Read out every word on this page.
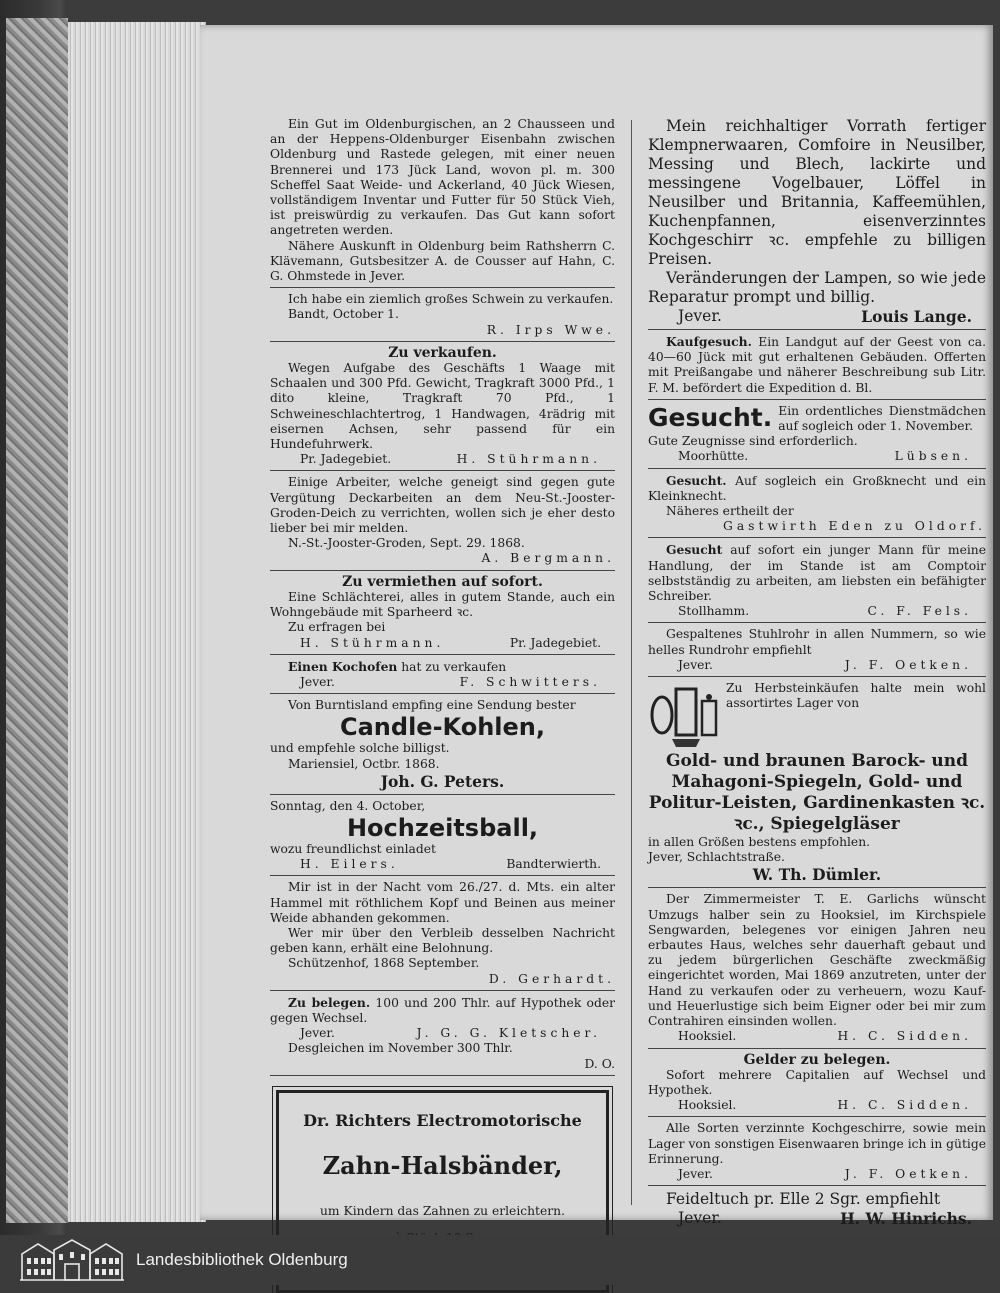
Ein Gut im Oldenburgischen, an 2 Chausseen und an der Heppens-Oldenburger Eisenbahn zwischen Oldenburg und Rastede gelegen, mit einer neuen Brennerei und 173 Jück Land, wovon pl. m. 300 Scheffel Saat Weide- und Ackerland, 40 Jück Wiesen, vollständigem Inventar und Futter für 50 Stück Vieh, ist preiswürdig zu verkaufen. Das Gut kann sofort angetreten werden.

Nähere Auskunft in Oldenburg beim Rathsherrn C. Klävemann, Gutsbesitzer A. de Cousser auf Hahn, C. G. Ohmstede in Jever.

Ich habe ein ziemlich großes Schwein zu verkaufen.

Bandt, October 1.

R. Irps Wwe.

Zu verkaufen.

Wegen Aufgabe des Geschäfts 1 Waage mit Schaalen und 300 Pfd. Gewicht, Tragkraft 3000 Pfd., 1 dito kleine, Tragkraft 70 Pfd., 1 Schweineschlachtertrog, 1 Handwagen, 4rädrig mit eisernen Achsen, sehr passend für ein Hundefuhrwerk.

Pr. Jadegebiet.	H. Stührmann.

Einige Arbeiter, welche geneigt sind gegen gute Vergütung Deckarbeiten an dem Neu-St.-Jooster-Groden-Deich zu verrichten, wollen sich je eher desto lieber bei mir melden.

N.-St.-Jooster-Groden, Sept. 29. 1868.

A. Bergmann.

Zu vermiethen auf sofort.

Eine Schlächterei, alles in gutem Stande, auch ein Wohngebäude mit Sparheerd ꝛc.

Zu erfragen bei

H. Stührmann.	Pr. Jadegebiet.

Einen Kochofen hat zu verkaufen

Jever.	F. Schwitters.

Von Burntisland empfing eine Sendung bester

Candle-Kohlen,

und empfehle solche billigst.

Mariensiel, Octbr. 1868.

Joh. G. Peters.

Sonntag, den 4. October,

Hochzeitsball,

wozu freundlichst einladet

H. Eilers.	Bandterwierth.

Mir ist in der Nacht vom 26./27. d. Mts. ein alter Hammel mit röthlichem Kopf und Beinen aus meiner Weide abhanden gekommen.

Wer mir über den Verbleib desselben Nachricht geben kann, erhält eine Belohnung.

Schützenhof, 1868 September.

D. Gerhardt.

Zu belegen. 100 und 200 Thlr. auf Hypothek oder gegen Wechsel.

Jever.	J. G. G. Kletscher.

Desgleichen im November 300 Thlr.

D. O.

Dr. Richters Electromotorische

Zahn-Halsbänder,

um Kindern das Zahnen zu erleichtern.

Mein reichhaltiger Vorrath fertiger Klempnerwaaren, Comfoire in Neusilber, Messing und Blech, lackirte und messingene Vogelbauer, Löffel in Neusilber und Britannia, Kaffeemühlen, Kuchenpfannen, eisenverzinntes Kochgeschirr ꝛc. empfehle zu billigen Preisen.

Veränderungen der Lampen, so wie jede Reparatur prompt und billig.

Jever.	Louis Lange.

Kaufgesuch. Ein Landgut auf der Geest von ca. 40—60 Jück mit gut erhaltenen Gebäuden. Offerten mit Preißangabe und näherer Beschreibung sub Litr. F. M. befördert die Expedition d. Bl.

Gesucht. Ein ordentliches Dienstmädchen auf sogleich oder 1. November.

Gute Zeugnisse sind erforderlich.

Moorhütte.	Lübsen.

Gesucht. Auf sogleich ein Großknecht und ein Kleinknecht.

Näheres ertheilt der

Gastwirth Eden zu Oldorf.

Gesucht auf sofort ein junger Mann für meine Handlung, der im Stande ist am Comptoir selbstständig zu arbeiten, am liebsten ein befähigter Schreiber.

Stollhamm.	C. F. Fels.

Gespaltenes Stuhlrohr in allen Nummern, so wie helles Rundrohr empfiehlt

Jever.	J. F. Oetken.
Zu Herbsteinkäufen halte mein wohl assortirtes Lager von

Gold- und braunen Barock- und Mahagoni-Spiegeln, Gold- und Politur-Leisten, Gardinenkasten ꝛc. ꝛc., Spiegelgläser

in allen Größen bestens empfohlen.

Jever, Schlachtstraße.

W. Th. Dümler.

Der Zimmermeister T. E. Garlichs wünscht Umzugs halber sein zu Hooksiel, im Kirchspiele Sengwarden, belegenes vor einigen Jahren neu erbautes Haus, welches sehr dauerhaft gebaut und zu jedem bürgerlichen Geschäfte zweckmäßig eingerichtet worden, Mai 1869 anzutreten, unter der Hand zu verkaufen oder zu verheuern, wozu Kauf- und Heuerlustige sich beim Eigner oder bei mir zum Contrahiren einsinden wollen.

Hooksiel.	H. C. Sidden.

Gelder zu belegen.

Sofort mehrere Capitalien auf Wechsel und Hypothek.

Hooksiel.	H. C. Sidden.

Alle Sorten verzinnte Kochgeschirre, sowie mein Lager von sonstigen Eisenwaaren bringe ich in gütige Erinnerung.

Jever.	J. F. Oetken.

Feideltuch pr. Elle 2 Sgr. empfiehlt

Jever.	H. W. Hinrichs.

Landesbibliothek Oldenburg
